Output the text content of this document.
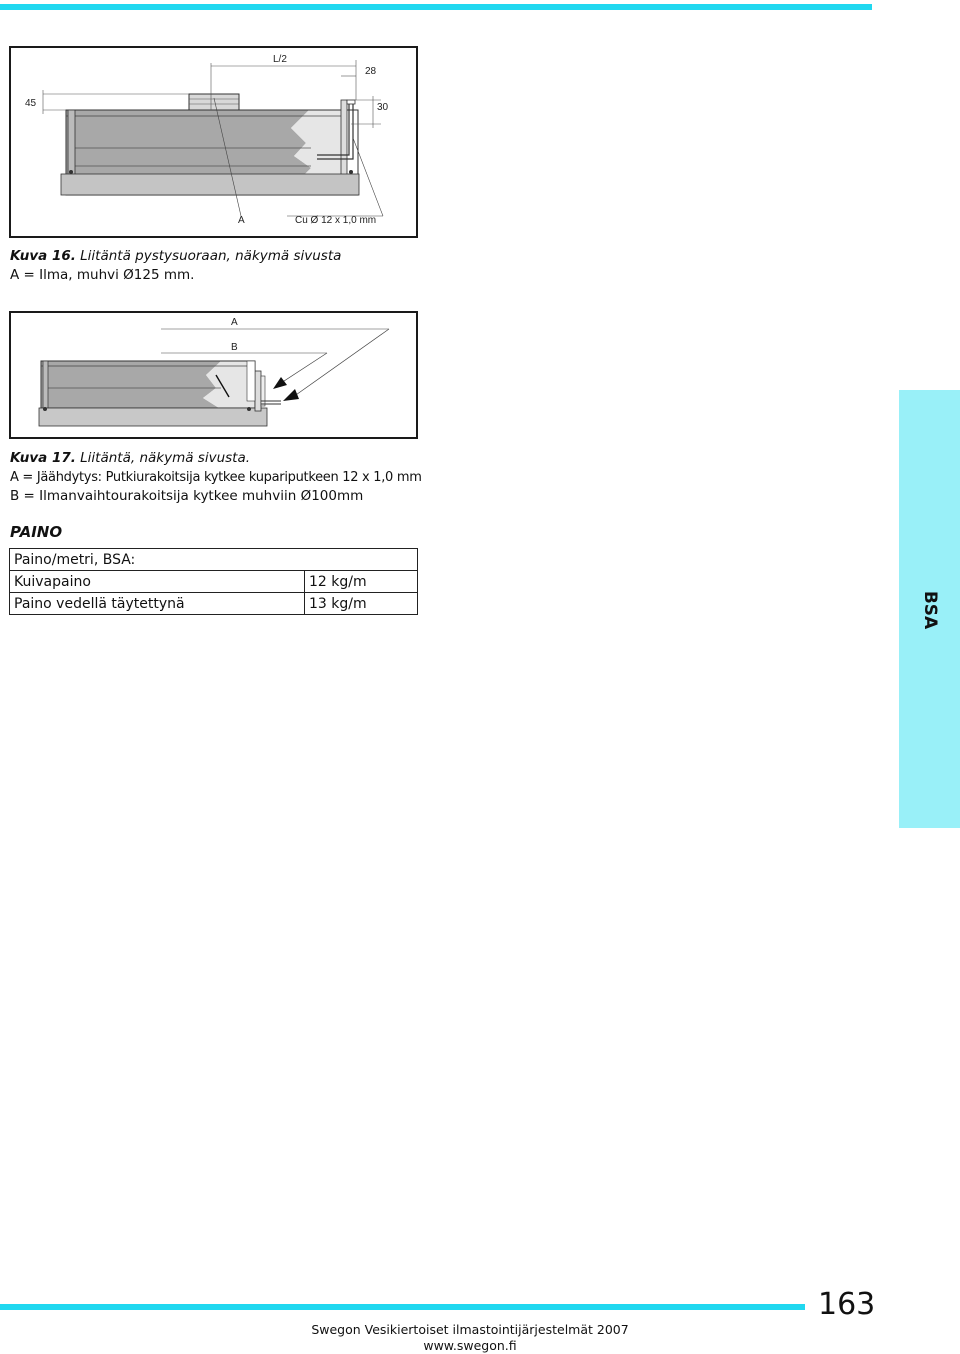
L/2
28
45	30
A	Cu Ø 12 x 1,0 mm
Kuva 16. Liitäntä pystysuoraan, näkymä sivusta
A = Ilma, muhvi Ø125 mm.
A
B
Kuva 17. Liitäntä, näkymä sivusta.
A = Jäähdytys: Putkiurakoitsija kytkee kupariputkeen 12 x 1,0 mm
B = Ilmanvaihtourakoitsija kytkee muhviin Ø100mm
PAINO
Paino/metri, BSA:	
Kuivapaino	12 kg/m
Paino vedellä täytettynä	13 kg/m	BSA
163
Swegon Vesikiertoiset ilmastointijärjestelmät 2007
www.swegon.fi
